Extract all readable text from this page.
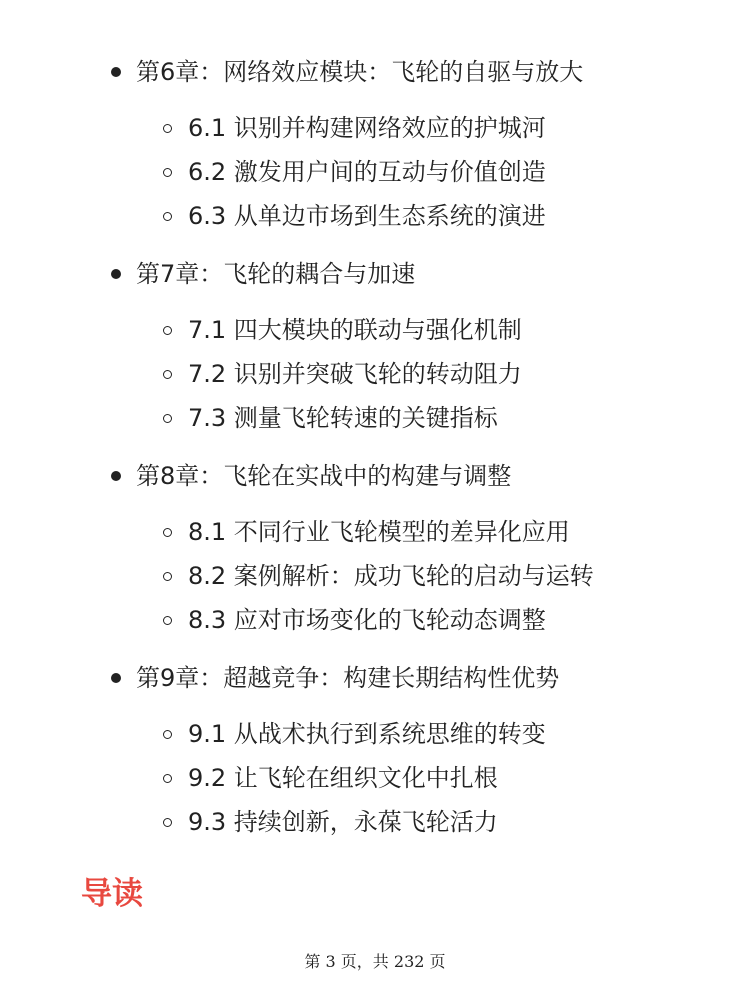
第6章：网络效应模块：飞轮的自驱与放大
6.1 识别并构建网络效应的护城河
6.2 激发用户间的互动与价值创造
6.3 从单边市场到生态系统的演进
第7章：飞轮的耦合与加速
7.1 四大模块的联动与强化机制
7.2 识别并突破飞轮的转动阻力
7.3 测量飞轮转速的关键指标
第8章：飞轮在实战中的构建与调整
8.1 不同行业飞轮模型的差异化应用
8.2 案例解析：成功飞轮的启动与运转
8.3 应对市场变化的飞轮动态调整
第9章：超越竞争：构建长期结构性优势
9.1 从战术执行到系统思维的转变
9.2 让飞轮在组织文化中扎根
9.3 持续创新，永葆飞轮活力
导读
第 3 页，共 232 页
